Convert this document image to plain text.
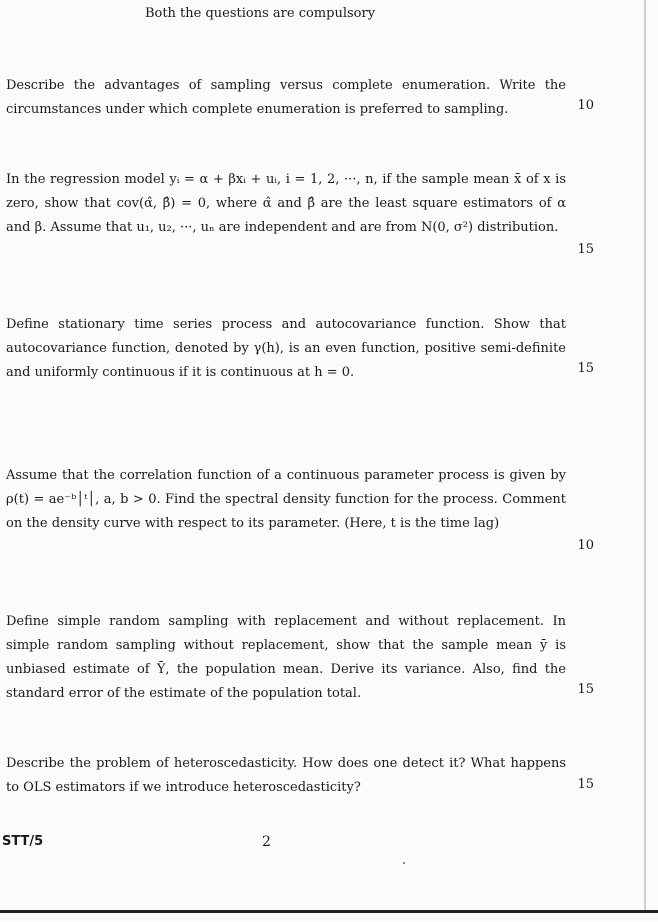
Both the questions are compulsory

Describe the advantages of sampling versus complete enumeration. Write the circumstances under which complete enumeration is preferred to sampling.	10

In the regression model yᵢ = α + βxᵢ + uᵢ, i = 1, 2, ···, n, if the sample mean x̄ of x is zero, show that cov(α̂, β̂) = 0, where α̂ and β̂ are the least square estimators of α and β. Assume that u₁, u₂, ···, uₙ are independent and are from N(0, σ²) distribution.

15

Define stationary time series process and autocovariance function. Show that autocovariance function, denoted by γ(h), is an even function, positive semi-definite and uniformly continuous if it is continuous at h = 0.	15

Assume that the correlation function of a continuous parameter process is given by ρ(t) = ae⁻ᵇ│ᵗ│, a, b > 0. Find the spectral density function for the process. Comment on the density curve with respect to its parameter. (Here, t is the time lag)

10

Define simple random sampling with replacement and without replacement. In simple random sampling without replacement, show that the sample mean ȳ is unbiased estimate of Ȳ, the population mean. Derive its variance. Also, find the standard error of the estimate of the population total.	15

Describe the problem of heteroscedasticity. How does one detect it? What happens to OLS estimators if we introduce heteroscedasticity?	15
STT/5	2
